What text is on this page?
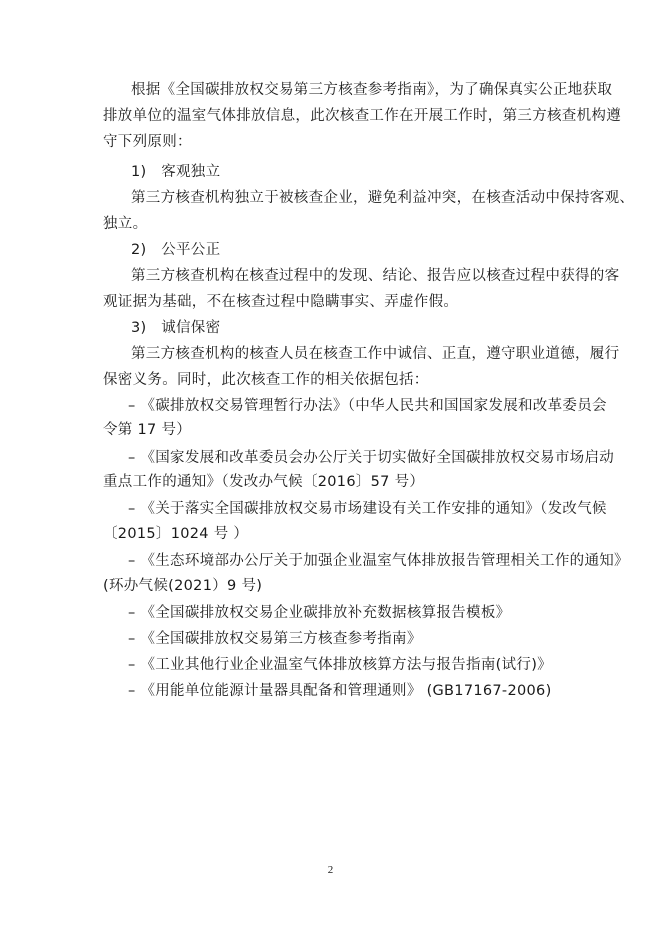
根据《全国碳排放权交易第三方核查参考指南》，为了确保真实公正地获取
排放单位的温室气体排放信息，此次核查工作在开展工作时，第三方核查机构遵
守下列原则：
1)   客观独立
第三方核查机构独立于被核查企业，避免利益冲突，在核查活动中保持客观、
独立。
2)   公平公正
第三方核查机构在核查过程中的发现、结论、报告应以核查过程中获得的客
观证据为基础，不在核查过程中隐瞒事实、弄虚作假。
3)   诚信保密
第三方核查机构的核查人员在核查工作中诚信、正直，遵守职业道德，履行
保密义务。同时，此次核查工作的相关依据包括：
– 《碳排放权交易管理暂行办法》（中华人民共和国国家发展和改革委员会
令第 17 号）
– 《国家发展和改革委员会办公厅关于切实做好全国碳排放权交易市场启动
重点工作的通知》（发改办气候〔2016〕57 号）
– 《关于落实全国碳排放权交易市场建设有关工作安排的通知》（发改气候
〔2015〕1024 号 ）
– 《生态环境部办公厅关于加强企业温室气体排放报告管理相关工作的通知》
(环办气候(2021）9 号)
– 《全国碳排放权交易企业碳排放补充数据核算报告模板》
– 《全国碳排放权交易第三方核查参考指南》
– 《工业其他行业企业温室气体排放核算方法与报告指南(试行)》
– 《用能单位能源计量器具配备和管理通则》 (GB17167-2006)
2
